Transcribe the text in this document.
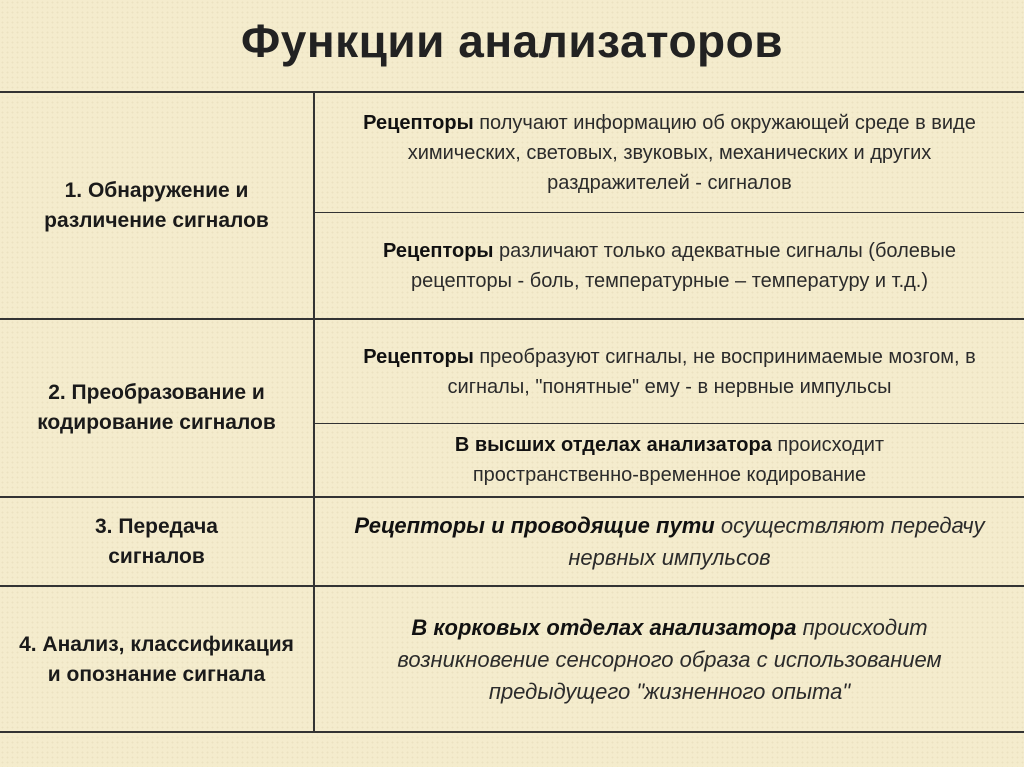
Функции анализаторов
1. Обнаружение и различение сигналов
2. Преобразование и кодирование сигналов
3. Передача сигналов
4. Анализ, классификация и опознание сигнала
Рецепторы получают информацию об окружающей среде в виде химических, световых, звуковых, механических и других раздражителей - сигналов
Рецепторы различают только адекватные сигналы (болевые рецепторы - боль, температурные – температуру и т.д.)
Рецепторы преобразуют сигналы, не воспринимаемые мозгом, в сигналы, "понятные" ему - в нервные импульсы
В высших отделах анализатора происходит пространственно-временное кодирование
Рецепторы и проводящие пути осуществляют передачу нервных импульсов
В корковых отделах анализатора происходит возникновение сенсорного образа с использованием предыдущего "жизненного опыта"
